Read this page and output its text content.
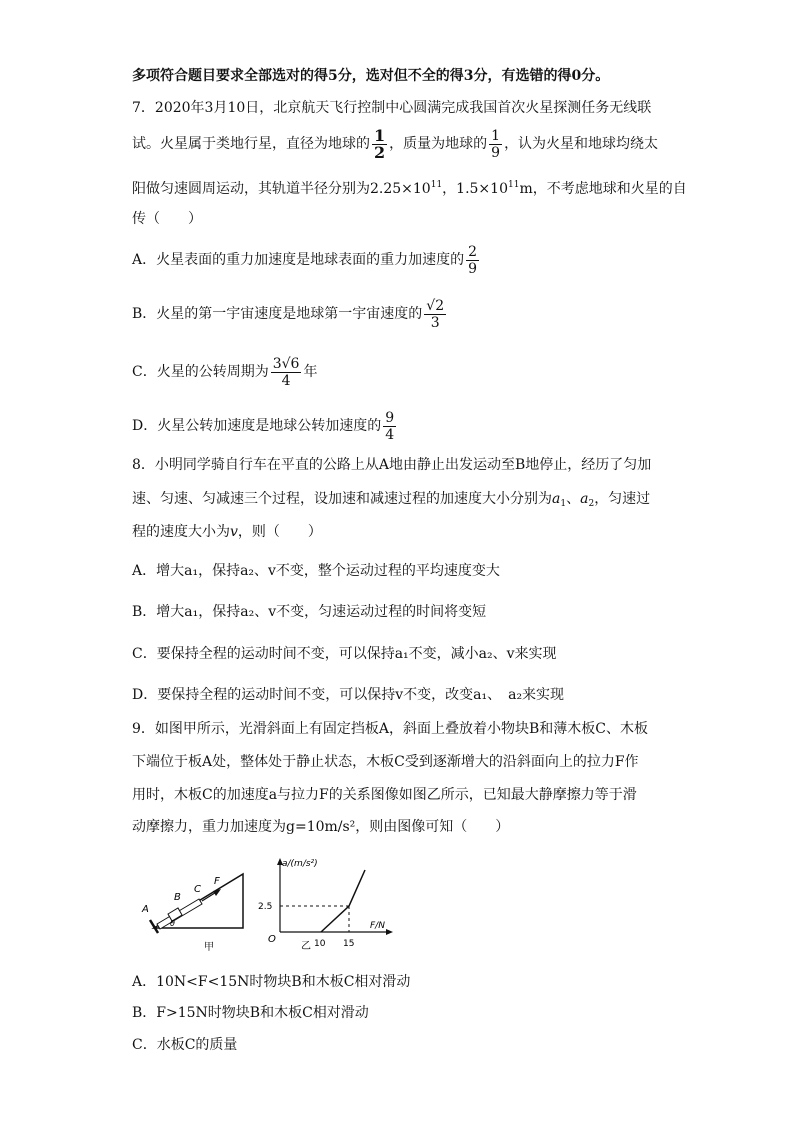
多项符合题目要求全部选对的得5分，选对但不全的得3分，有选错的得0分。
7．2020年3月10日，北京航天飞行控制中心圆满完成我国首次火星探测任务无线联
试。火星属于类地行星，直径为地球的 $\frac{1}{2}$ ，质量为地球的 $\frac{1}{9}$ ，认为火星和地球均绕太
阳做匀速圆周运动，其轨道半径分别为$2.25\times 10^{11}$，$1.5\times 10^{11}m$，不考虑地球和火星的自
传（　　）
A．火星表面的重力加速度是地球表面的重力加速度的 $\frac{2}{9}$
B．火星的第一宇宙速度是地球第一宇宙速度的 $\frac{√2}{3}$
C．火星的公转周期为 $\frac{3√6}{4}$ 年
D．火星公转加速度是地球公转加速度的 $\frac{9}{4}$
8．小明同学骑自行车在平直的公路上从A地由静止出发运动至B地停止，经历了匀加
速、匀速、匀减速三个过程，设加速和减速过程的加速度大小分别为$a_1$、$a_2$，匀速过
程的速度大小为v，则（　　）
A．增大a₁，保持a₂、v不变，整个运动过程的平均速度变大
B．增大a₁，保持a₂、v不变，匀速运动过程的时间将变短
C．要保持全程的运动时间不变，可以保持a₁不变，减小a₂、v来实现
D．要保持全程的运动时间不变，可以保持v不变，改变a₁、　a₂来实现
9．如图甲所示，光滑斜面上有固定挡板A，斜面上叠放着小物块B和薄木板C、木板
下端位于板A处，整体处于静止状态，木板C受到逐渐增大的沿斜面向上的拉力F作
用时，木板C的加速度a与拉力F的关系图像如图乙所示，已知最大静摩擦力等于滑
动摩擦力，重力加速度为g=10m/s²，则由图像可知（　　）
A
B
C
F
θ
甲
a/(m/s²)
F/N
O
2.5
10 15
乙
A．10N<F<15N时物块B和木板C相对滑动
B．F>15N时物块B和木板C相对滑动
C．水板C的质量
